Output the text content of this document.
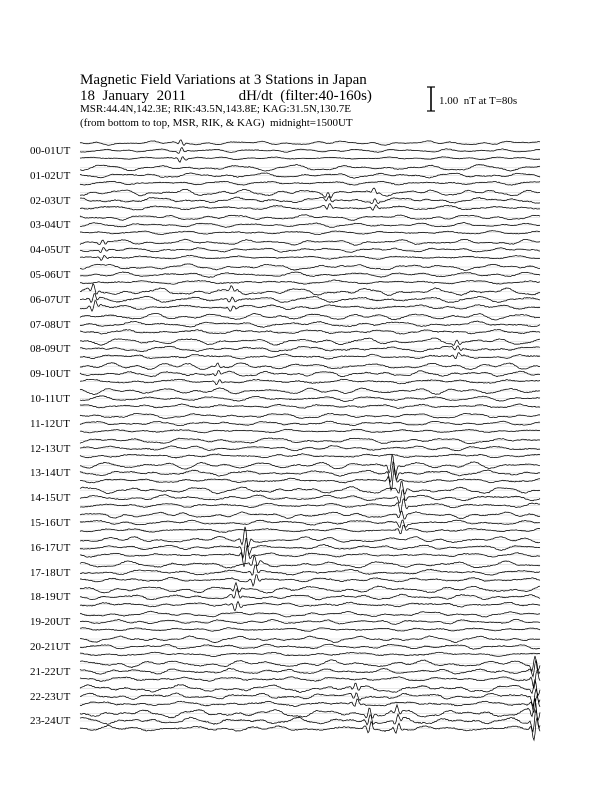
Magnetic Field Variations at 3 Stations in Japan
18  January  2011	dH/dt  (filter:40-160s)
MSR:44.4N,142.3E; RIK:43.5N,143.8E; KAG:31.5N,130.7E
(from bottom to top, MSR, RIK, & KAG)  midnight=1500UT
1.00  nT at T=80s
00-01UT
01-02UT
02-03UT
03-04UT
04-05UT
05-06UT
06-07UT
07-08UT
08-09UT
09-10UT
10-11UT
11-12UT
12-13UT
13-14UT
14-15UT
15-16UT
16-17UT
17-18UT
18-19UT
19-20UT
20-21UT
21-22UT
22-23UT
23-24UT
